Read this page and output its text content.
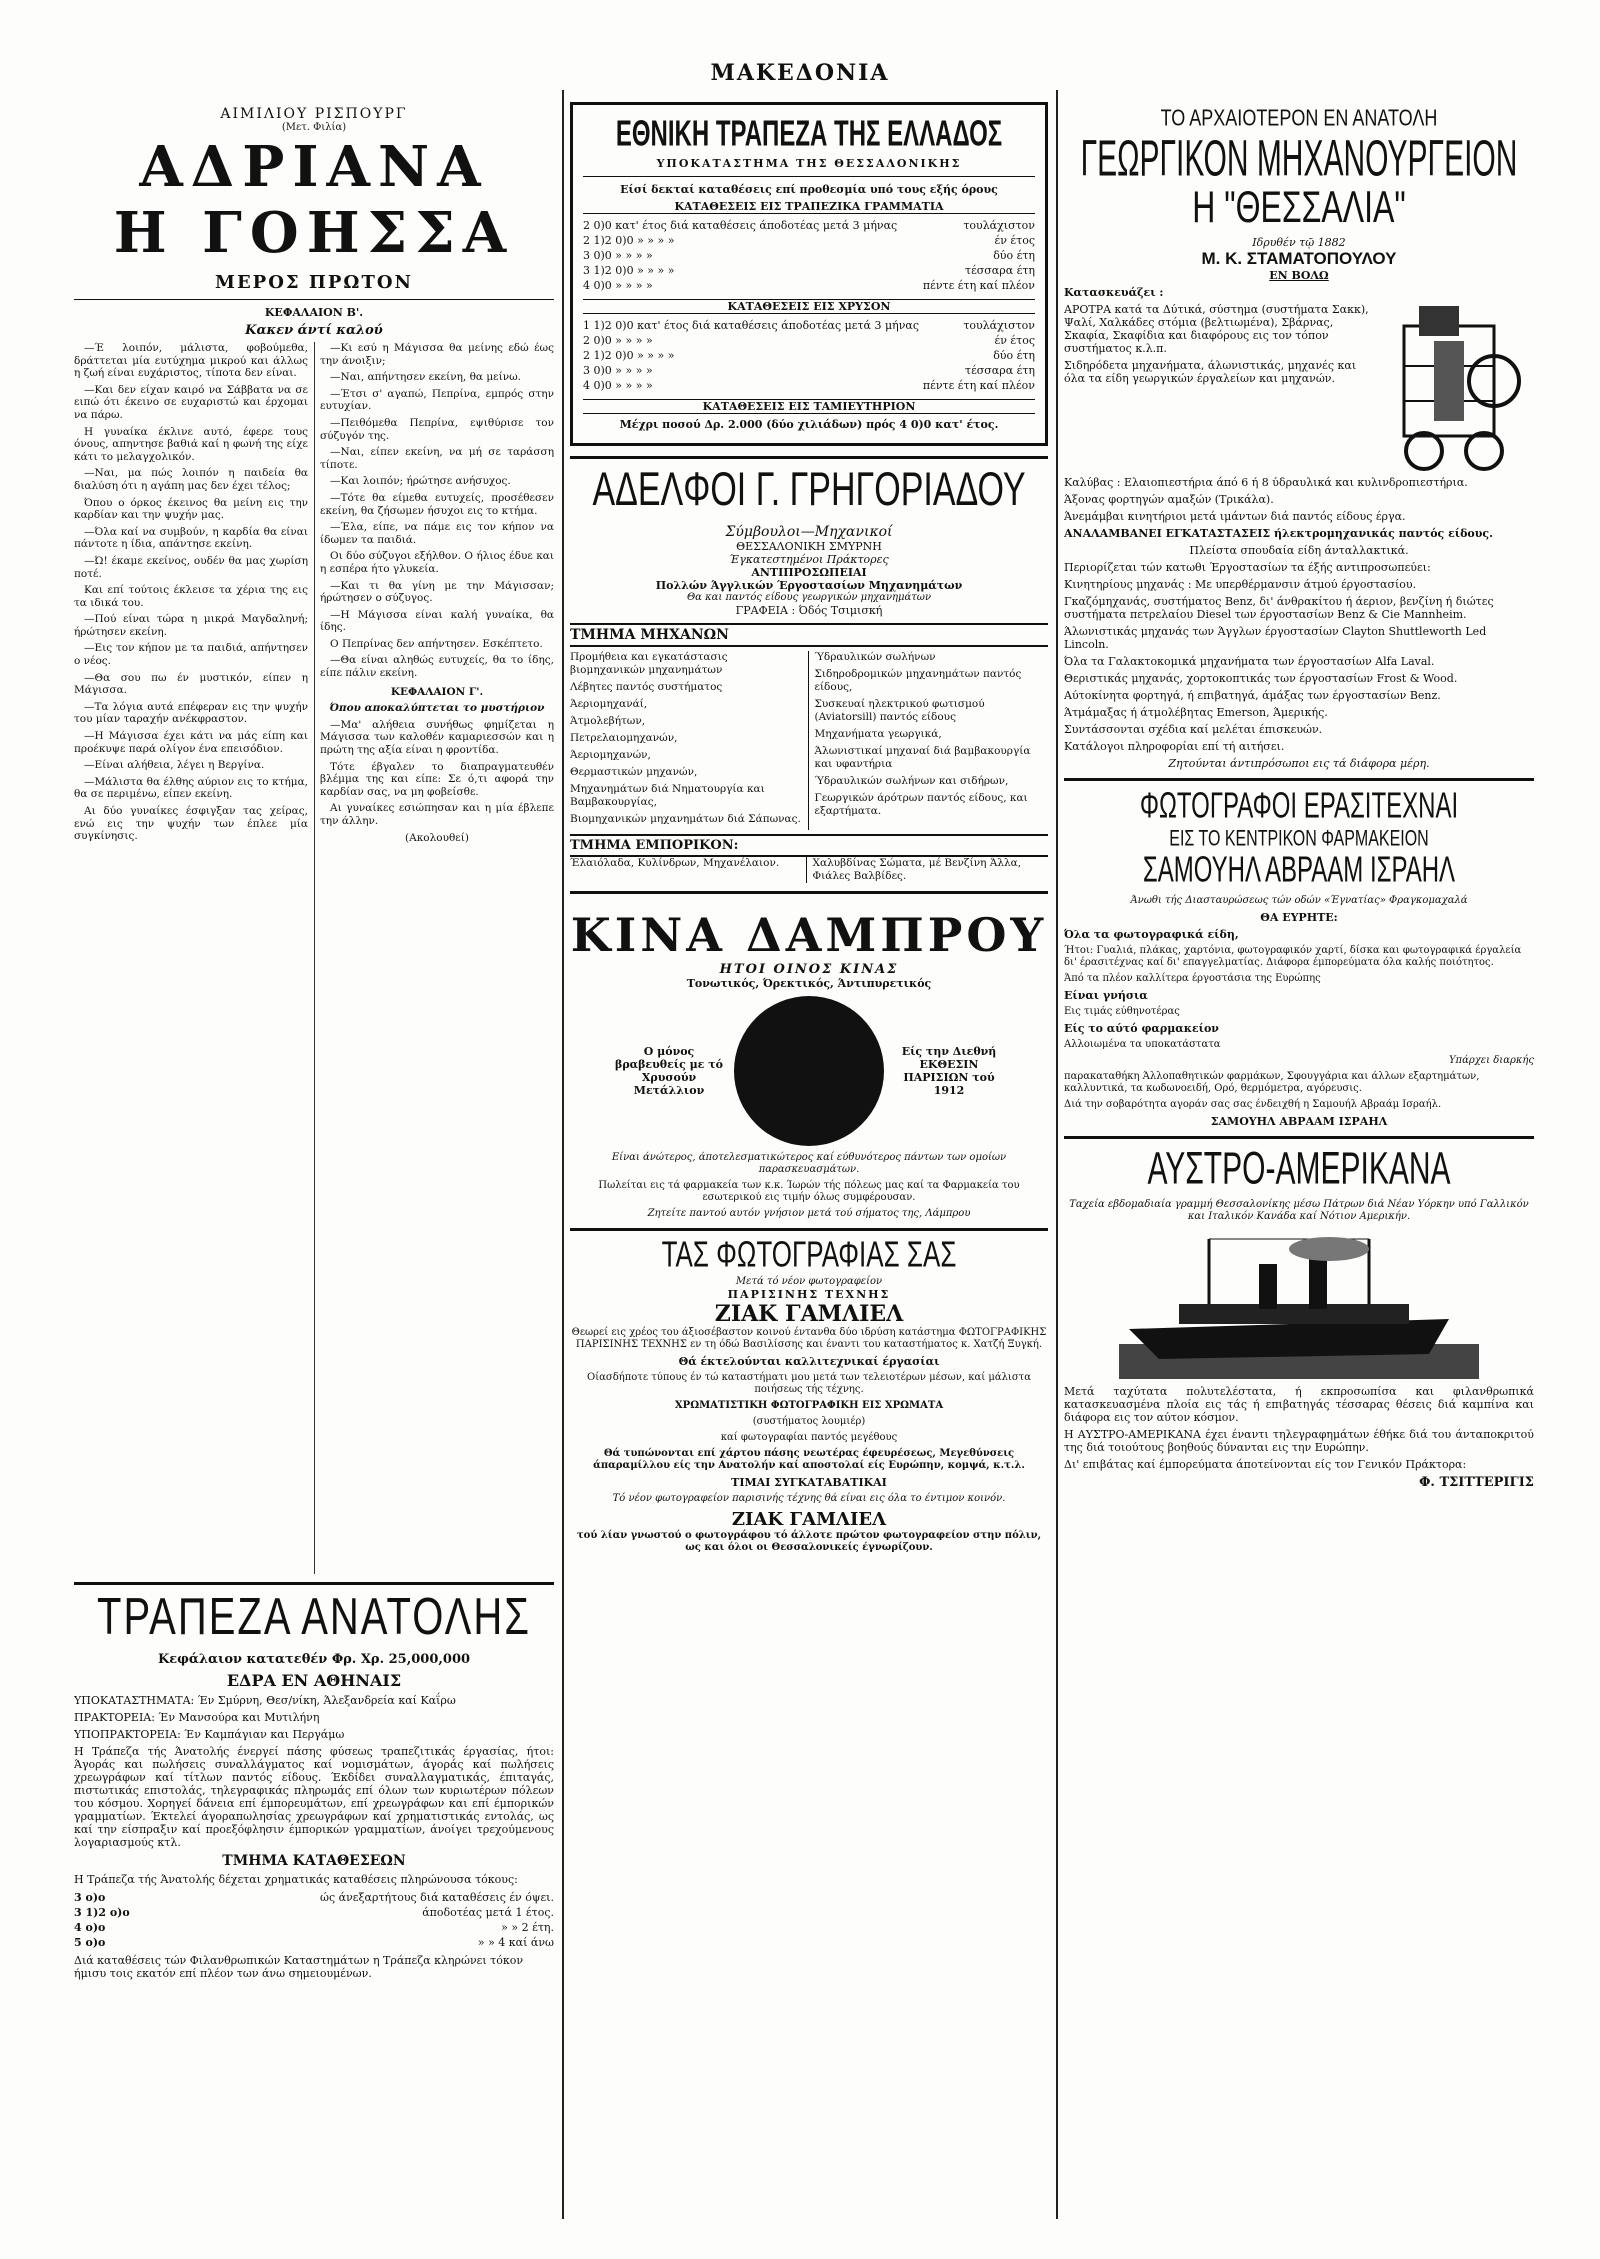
ΜΑΚΕΔΟΝΙΑ
ΑΙΜΙΛΙΟΥ ΡΙΣΠΟΥΡΓ
(Μετ. Φιλία)
ΑΔΡΙΑΝΑ
Η ΓΟΗΣΣΑ
ΜΕΡΟΣ ΠΡΩΤΟΝ
ΚΕΦΑΛΑΙΟΝ Β'.
Κακεν άντί καλού

—Έ λοιπόν, μάλιστα, φοβούμεθα, δράττεται μία ευτύχημα μικρού και άλλως η ζωή είναι ευχάριστος, τίποτα δεν είναι.

—Και δεν είχαν καιρό να Σάββατα να σε ειπώ ότι έκεινο σε ευχαριστώ και έρχομαι να πάρω.

Η γυναίκα έκλινε αυτό, έφερε τους όνους, απηντησε βαθιά καί η φωνή της είχε κάτι το μελαγχολικόν.

—Ναι, μα πώς λοιπόν η παιδεία θα διαλύση ότι η αγάπη μας δεν έχει τέλος;

Όπου ο όρκος έκεινος θα μείνη εις την καρδίαν και την ψυχήν μας.

—Όλα καί να συμβούν, η καρδία θα είναι πάντοτε η ίδια, απάντησε εκείνη.

—Ώ! έκαμε εκείνος, ουδέν θα μας χωρίση ποτέ.

Και επί τούτοις έκλεισε τα χέρια της εις τα ιδικά του.

—Πού είναι τώρα η μικρά Μαγδαληνή; ήρώτησεν εκείνη.

—Εις τον κήπον με τα παιδιά, απήντησεν ο νέος.

—Θα σου πω έν μυστικόν, είπεν η Μάγισσα.

—Τα λόγια αυτά επέφεραν εις την ψυχήν του μίαν ταραχήν ανέκφραστον.

—Η Μάγισσα έχει κάτι να μάς είπη και προέκυψε παρά ολίγον ένα επεισόδιον.

—Είναι αλήθεια, λέγει η Βεργίνα.

—Μάλιστα θα έλθης αύριον εις το κτήμα, θα σε περιμένω, είπεν εκείνη.

Αι δύο γυναίκες έσφιγξαν τας χείρας, ενώ εις την ψυχήν των έπλεε μία συγκίνησις.

—Κι εσύ η Μάγισσα θα μείνης εδώ έως την άνοιξιν;

—Ναι, απήντησεν εκείνη, θα μείνω.

—Έτσι σ' αγαπώ, Πεπρίνα, εμπρός στην ευτυχίαν.

—Πειθόμεθα Πεπρίνα, εψιθύρισε τον σύζυγόν της.

—Ναι, είπεν εκείνη, να μή σε ταράσση τίποτε.

—Και λοιπόν; ήρώτησε ανήσυχος.

—Τότε θα είμεθα ευτυχείς, προσέθεσεν εκείνη, θα ζήσωμεν ήσυχοι εις το κτήμα.

—Έλα, είπε, να πάμε εις τον κήπον να ίδωμεν τα παιδιά.

Οι δύο σύζυγοι εξήλθον. Ο ήλιος έδυε και η εσπέρα ήτο γλυκεία.

—Και τι θα γίνη με την Μάγισσαν; ήρώτησεν ο σύζυγος.

—Η Μάγισσα είναι καλή γυναίκα, θα ίδης.

Ο Πεπρίνας δεν απήντησεν. Εσκέπτετο.

—Θα είναι αληθώς ευτυχείς, θα το ίδης, είπε πάλιν εκείνη.

ΚΕΦΑΛΑΙΟΝ Γ'.

Όπου αποκαλύπτεται το μυστήριον

—Μα' αλήθεια συνήθως φημίζεται η Μάγισσα των καλοθέν καμαριεσσών και η πρώτη της αξία είναι η φροντίδα.

Τότε έβγαλεν το διαπραγματευθέν βλέμμα της και είπε: Σε ό,τι αφορά την καρδίαν σας, να μη φοβείσθε.

Αι γυναίκες εσιώπησαν και η μία έβλεπε την άλλην.

(Ακολουθεί)

ΤΡΑΠΕΖΑ ΑΝΑΤΟΛΗΣ
Κεφάλαιον κατατεθέν Φρ. Χρ. 25,000,000
ΕΔΡΑ ΕΝ ΑΘΗΝΑΙΣ

ΥΠΟΚΑΤΑΣΤΗΜΑΤΑ: Έν Σμύρνη, Θεσ/νίκη, Άλεξανδρεία καί Καΐρω

ΠΡΑΚΤΟΡΕΙΑ: Έν Μανσούρα και Μυτιλήνη

ΥΠΟΠΡΑΚΤΟΡΕΙΑ: Έν Καμπάγιαν και Περγάμω

Η Τράπεζα τής Άνατολής ένεργεί πάσης φύσεως τραπεζιτικάς έργασίας, ήτοι: Άγοράς και πωλήσεις συναλλάγματος καί νομισμάτων, άγοράς καί πωλήσεις χρεωγράφων καί τίτλων παντός είδους. Έκδίδει συναλλαγματικάς, έπιταγάς, πιστωτικάς επιστολάς, τηλεγραφικάς πληρωμάς επί όλων των κυριωτέρων πόλεων του κόσμου. Χορηγεί δάνεια επί έμπορευμάτων, επί χρεωγράφων και επί έμπορικών γραμματίων. Έκτελεί άγοραπωλησίας χρεωγράφων καί χρηματιστικάς εντολάς, ως καί την είσπραξιν καί προεξόφλησιν έμπορικών γραμματίων, άνοίγει τρεχούμενους λογαριασμούς κτλ.

ΤΜΗΜΑ ΚΑΤΑΘΕΣΕΩΝ

Η Τράπεζα τής Άνατολής δέχεται χρηματικάς καταθέσεις πληρώνουσα τόκους:

3 ο)ο	ώς άνεξαρτήτους διά καταθέσεις έν όψει.
3 1)2 ο)ο	άποδοτέας μετά 1 έτος.
4 ο)ο	» » 2 έτη.
5 ο)ο	» » 4 καί άνω

Διά καταθέσεις τών Φιλανθρωπικών Καταστημάτων η Τράπεζα κληρώνει τόκον ήμισυ τοις εκατόν επί πλέον των άνω σημειουμένων.

ΕΘΝΙΚΗ ΤΡΑΠΕΖΑ ΤΗΣ ΕΛΛΑΔΟΣ
ΥΠΟΚΑΤΑΣΤΗΜΑ ΤΗΣ ΘΕΣΣΑΛΟΝΙΚΗΣ

Είσί δεκταί καταθέσεις επί προθεσμία υπό τους εξής όρους

ΚΑΤΑΘΕΣΕΙΣ ΕΙΣ ΤΡΑΠΕΖΙΚΑ ΓΡΑΜΜΑΤΙΑ

2 0)0 κατ' έτος διά καταθέσεις άποδοτέας μετά 3 μήνας	τουλάχιστον
2 1)2 0)0 » » » »	έν έτος
3 0)0 » » » »	δύο έτη
3 1)2 0)0 » » » »	τέσσαρα έτη
4 0)0 » » » »	πέντε έτη καί πλέον

ΚΑΤΑΘΕΣΕΙΣ ΕΙΣ ΧΡΥΣΟΝ

1 1)2 0)0 κατ' έτος διά καταθέσεις άποδοτέας μετά 3 μήνας	τουλάχιστον
2 0)0 » » » »	έν έτος
2 1)2 0)0 » » » »	δύο έτη
3 0)0 » » » »	τέσσαρα έτη
4 0)0 » » » »	πέντε έτη καί πλέον

ΚΑΤΑΘΕΣΕΙΣ ΕΙΣ ΤΑΜΙΕΥΤΗΡΙΟΝ

Μέχρι ποσού Δρ. 2.000 (δύο χιλιάδων) πρός 4 0)0 κατ' έτος.

ΑΔΕΛΦΟΙ Γ. ΓΡΗΓΟΡΙΑΔΟΥ
Σύμβουλοι—Μηχανικοί
ΘΕΣΣΑΛΟΝΙΚΗ ΣΜΥΡΝΗ
Έγκατεστημένοι Πράκτορες
ΑΝΤΙΠΡΟΣΩΠΕΙΑΙ
Πολλών Άγγλικών Έργοστασίων Μηχανημάτων
Θα και παντός είδους γεωργικών μηχανημάτων
ΓΡΑΦΕΙΑ : Όδός Τσιμισκή
ΤΜΗΜΑ ΜΗΧΑΝΩΝ

Προμήθεια και εγκατάστασις βιομηχανικών μηχανημάτων

Λέβητες παντός συστήματος

Άεριομηχανάί,

Άτμολεβήτων,

Πετρελαιομηχανών,

Άεριομηχανών,

Θερμαστικών μηχανών,

Μηχανημάτων διά Νηματουργία και Βαμβακουργίας,

Βιομηχανικών μηχανημάτων διά Σάπωνας.

Ύδραυλικών σωλήνων

Σιδηροδρομικών μηχανημάτων παντός είδους,

Συσκευαί ηλεκτρικού φωτισμού (Aviatorsill) παντός είδους

Μηχανήματα γεωργικά,

Άλωνιστικαί μηχαναί διά βαμβακουργία και υφαντήρια

Ύδραυλικών σωλήνων και σιδήρων,

Γεωργικών άρότρων παντός είδους, και εξαρτήματα.

ΤΜΗΜΑ ΕΜΠΟΡΙΚΟΝ:
Έλαιόλαδα, Κυλίνδρων, Μηχανέλαιον.	Χαλυβδίνας Σώματα, μέ Βενζίνη Άλλα, Φιάλες Βαλβίδες.
ΚΙΝΑ ΔΑΜΠΡΟΥ
ΗΤΟΙ ΟΙΝΟΣ ΚΙΝΑΣ
Τονωτικός, Όρεκτικός, Άντιπυρετικός
Ο μόνος βραβευθείς με τό Χρυσούν Μετάλλιον
Είς την Διεθνή ΕΚΘΕΣΙΝ ΠΑΡΙΣΙΩΝ τού 1912

Είναι άνώτερος, άποτελεσματικώτερος καί εύθυνότερος πάντων των ομοίων παρασκευασμάτων.

Πωλείται εις τά φαρμακεία των κ.κ. Ίωρών τής πόλεως μας καί τα Φαρμακεία του εσωτερικού εις τιμήν όλως συμφέρουσαν.

Ζητείτε παντού αυτόν γνήσιον μετά τού σήματος της, Λάμπρου

ΤΑΣ ΦΩΤΟΓΡΑΦΙΑΣ ΣΑΣ
Μετά τό νέον φωτογραφείον
ΠΑΡΙΣΙΝΗΣ ΤΕΧΝΗΣ
ΖΙΑΚ ΓΑΜΛΙΕΛ

Θεωρεί εις χρέος του άξιοσέβαστον κοινού έντανθα δύο ιδρύση κατάστημα ΦΩΤΟΓΡΑΦΙΚΗΣ ΠΑΡΙΣΙΝΗΣ ΤΕΧΝΗΣ εν τη όδώ Βασιλίσσης και έναντι του καταστήματος κ. Χατζή Ξυγκή.

Θά έκτελούνται καλλιτεχνικαί έργασίαι

Οίασδήποτε τύπους έν τώ καταστήματι μου μετά των τελειοτέρων μέσων, καί μάλιστα ποιήσεως τής τέχνης.

ΧΡΩΜΑΤΙΣΤΙΚΗ ΦΩΤΟΓΡΑΦΙΚΗ ΕΙΣ ΧΡΩΜΑΤΑ

(συστήματος λουμιέρ)

καί φωτογραφίαι παντός μεγέθους

Θά τυπώνονται επί χάρτου πάσης νεωτέρας έφευρέσεως, Μεγεθύνσεις άπαραμίλλου είς την Ανατολήν καί αποστολαί είς Ευρώπην, κομψά, κ.τ.λ.

ΤΙΜΑΙ ΣΥΓΚΑΤΑΒΑΤΙΚΑΙ

Τό νέον φωτογραφείον παρισινής τέχνης θά είναι εις όλα το έντιμον κοινόν.

ΖΙΑΚ ΓΑΜΛΙΕΛ

τού λίαν γνωστού ο φωτογράφου τό άλλοτε πρώτον φωτογραφείον στην πόλιν, ως και όλοι οι Θεσσαλονικείς έγνωρίζουν.

ΤΟ ΑΡΧΑΙΟΤΕΡΟΝ ΕΝ ΑΝΑΤΟΛΗ
ΓΕΩΡΓΙΚΟΝ ΜΗΧΑΝΟΥΡΓΕΙΟΝ
Η "ΘΕΣΣΑΛΙΑ"
Ιδρυθέν τῷ 1882
Μ. Κ. ΣΤΑΜΑΤΟΠΟΥΛΟΥ
ΕΝ ΒΟΛΩ

Κατασκευάζει :

ΑΡΟΤΡΑ κατά τα Δύτικά, σύστημα (συστήματα Σακκ), Ψαλί, Χαλκάδες στόμια (βελτιωμένα), Σβάρνας, Σκαφία, Σκαφίδια και διαφόρους εις τον τόπον συστήματος κ.λ.π.

Σιδηρόδετα μηχανήματα, άλωνιστικάς, μηχανές και όλα τα είδη γεωργικών έργαλείων και μηχανών.

Καλύβας : Ελαιοπιεστήρια άπό 6 ή 8 ύδραυλικά και κυλινδροπιεστήρια.

Άξονας φορτηγών αμαξών (Τρικάλα).

Άνεμάμβαι κινητήριοι μετά ιμάντων διά παντός είδους έργα.

ΑΝΑΛΑΜΒΑΝΕΙ ΕΓΚΑΤΑΣΤΑΣΕΙΣ ήλεκτρομηχανικάς παντός είδους.

Πλείστα σπουδαία είδη άνταλλακτικά.

Περιορίζεται τών κατωθι Έργοστασίων τα έξής αντιπροσωπεύει:

Κινητηρίους μηχανάς : Με υπερθέρμανσιν άτμού έργοστασίου.

Γκαζόμηχανάς, συστήματος Benz, δι' άνθρακίτου ή άεριον, βενζίνη ή διώτες συστήματα πετρελαίου Diesel των έργοστασίων Benz & Cie Mannheim.

Άλωνιστικάς μηχανάς των Άγγλων έργοστασίων Clayton Shuttleworth Led Lincoln.

Όλα τα Γαλακτοκομικά μηχανήματα των έργοστασίων Alfa Laval.

Θεριστικάς μηχανάς, χορτοκοπτικάς των έργοστασίων Frost & Wood.

Αύτοκίνητα φορτηγά, ή επιβατηγά, άμάξας των έργοστασίων Benz.

Άτμάμαξας ή άτμολέβητας Emerson, Άμερικής.

Συντάσσονται σχέδια καί μελέται έπισκευών.

Κατάλογοι πληροφορίαι επί τή αιτήσει.

Ζητούνται άντιπρόσωποι εις τά διάφορα μέρη.

ΦΩΤΟΓΡΑΦΟΙ ΕΡΑΣΙΤΕΧΝΑΙ
ΕΙΣ ΤΟ ΚΕΝΤΡΙΚΟΝ ΦΑΡΜΑΚΕΙΟΝ
ΣΑΜΟΥΗΛ ΑΒΡΑΑΜ ΙΣΡΑΗΛ

Άνωθι τής Διασταυρώσεως τών οδών «Έγνατίας» Φραγκομαχαλά

ΘΑ ΕΥΡΗΤΕ:

Όλα τα φωτογραφικά είδη,

Ήτοι: Γυαλιά, πλάκας, χαρτόνια, φωτογραφικόν χαρτί, δίσκα και φωτογραφικά έργαλεία δι' έρασιτέχνας καί δι' επαγγελματίας. Διάφορα έμπορεύματα όλα καλής ποιότητος.

Άπό τα πλέον καλλίτερα έργοστάσια της Ευρώπης

Είναι γνήσια

Εις τιμάς εύθηνοτέρας

Είς το αύτό φαρμακείον

Αλλοιωμένα τα υποκατάστατα

Υπάρχει διαρκής

παρακαταθήκη Άλλοπαθητικών φαρμάκων, Σφουγγάρια και άλλων εξαρτημάτων, καλλυντικά, τα κωδωνοειδή, Ορό, θερμόμετρα, αγόρευσις.

Διά την σοβαρότητα αγοράν σας σας ένδειχθή η Σαμουήλ Αβραάμ Ισραήλ.

ΣΑΜΟΥΗΛ ΑΒΡΑΑΜ ΙΣΡΑΗΛ

ΑΥΣΤΡΟ-ΑΜΕΡΙΚΑΝΑ

Ταχεία εβδομαδιαία γραμμή Θεσσαλονίκης μέσω Πάτρων διά Νέαν Υόρκην υπό Γαλλικόν και Ιταλικόν Κανάδα καί Νότιον Αμερικήν.

Μετά ταχύτατα πολυτελέστατα, ή εκπροσωπίσα και φιλανθρωπικά κατασκευασμένα πλοία εις τάς ή επιβατηγάς τέσσαρας θέσεις διά καμπίνα και διάφορα εις τον αύτον κόσμον.

Η ΑΥΣΤΡΟ-ΑΜΕΡΙΚΑΝΑ έχει έναντι τηλεγραφημάτων έθήκε διά του άνταποκριτού της διά τοιούτους βοηθούς δύνανται εις την Ευρώπην.

Δι' επιβάτας καί έμπορεύματα άποτείνονται είς τον Γενικόν Πράκτορα:

Φ. ΤΣΙΤΤΕΡΙΓΙΣ
